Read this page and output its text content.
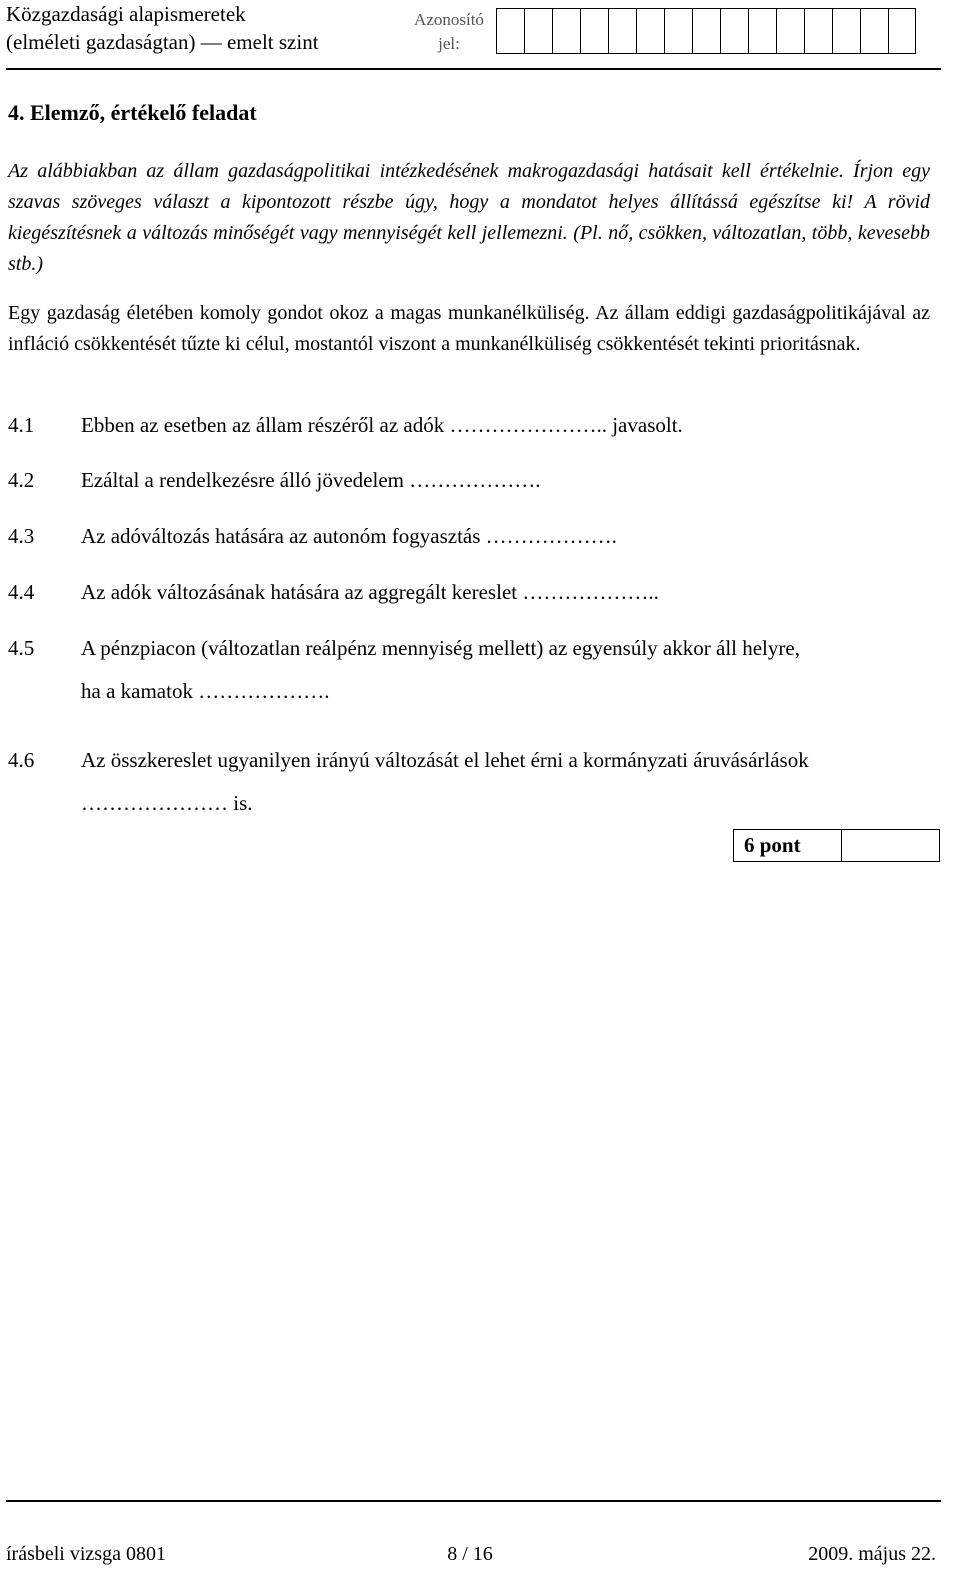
Közgazdasági alapismeretek
(elméleti gazdaságtan) — emelt szint
Azonosító
jel:
4. Elemző, értékelő feladat

Az alábbiakban az állam gazdaságpolitikai intézkedésének makrogazdasági hatásait kell értékelnie. Írjon egy szavas szöveges választ a kipontozott részbe úgy, hogy a mondatot helyes állítássá egészítse ki! A rövid kiegészítésnek a változás minőségét vagy mennyiségét kell jellemezni. (Pl. nő, csökken, változatlan, több, kevesebb stb.)

Egy gazdaság életében komoly gondot okoz a magas munkanélküliség. Az állam eddigi gazdaságpolitikájával az infláció csökkentését tűzte ki célul, mostantól viszont a munkanélküliség csökkentését tekinti prioritásnak.

4.1	Ebben az esetben az állam részéről az adók ………………….. javasolt.
4.2	Ezáltal a rendelkezésre álló jövedelem ……………….
4.3	Az adóváltozás hatására az autonóm fogyasztás ……………….
4.4	Az adók változásának hatására az aggregált kereslet ………………..
4.5	A pénzpiacon (változatlan reálpénz mennyiség mellett) az egyensúly akkor áll helyre,
ha a kamatok ……………….
4.6	Az összkereslet ugyanilyen irányú változását el lehet érni a kormányzati áruvásárlások
………………… is.
6 pont
írásbeli vizsga 0801	8 / 16	2009. május 22.
